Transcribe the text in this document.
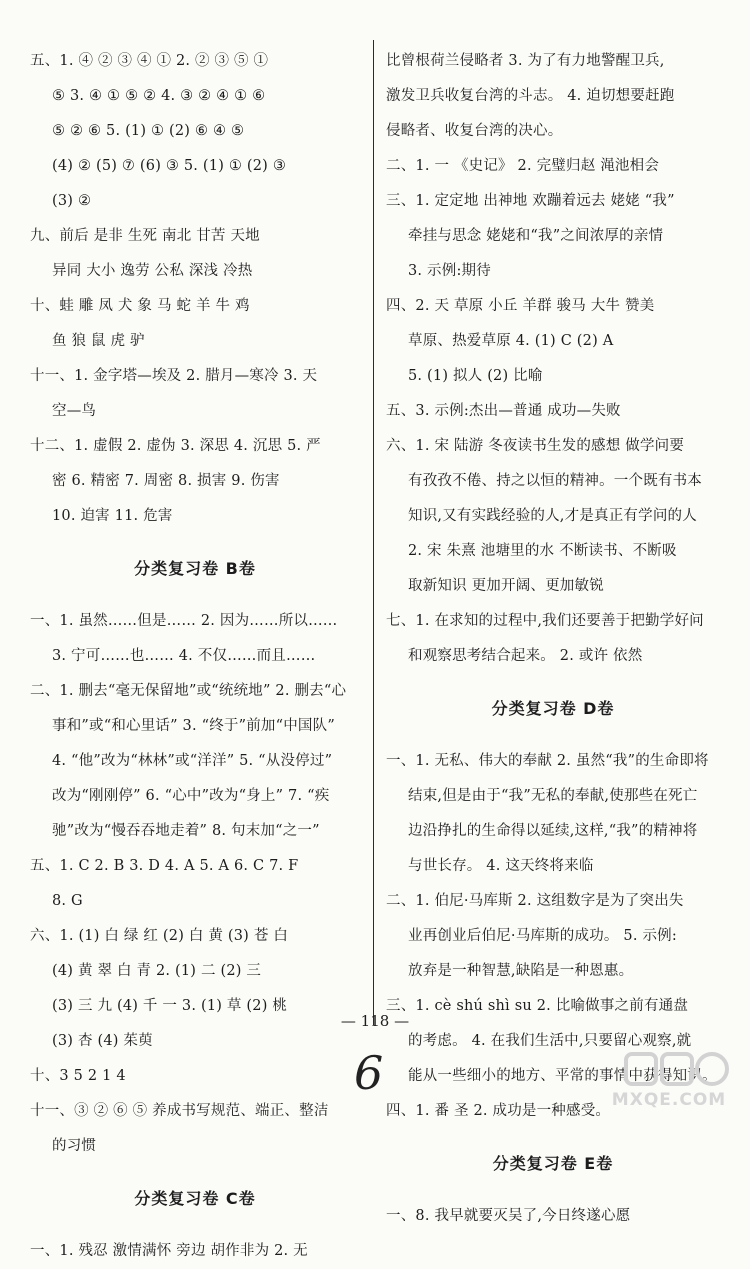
五、1. ④ ② ③ ④ ① 2. ② ③ ⑤ ①
⑤ 3. ④ ① ⑤ ② 4. ③ ② ④ ① ⑥
⑤ ② ⑥ 5. (1) ① (2) ⑥ ④ ⑤
(4) ② (5) ⑦ (6) ③ 5. (1) ① (2) ③
(3) ②
九、前后 是非 生死 南北 甘苦 天地
异同 大小 逸劳 公私 深浅 冷热
十、蛙 雕 凤 犬 象 马 蛇 羊 牛 鸡
鱼 狼 鼠 虎 驴
十一、1. 金字塔—埃及 2. 腊月—寒冷 3. 天
空—鸟
十二、1. 虚假 2. 虚伪 3. 深思 4. 沉思 5. 严
密 6. 精密 7. 周密 8. 损害 9. 伤害
10. 迫害 11. 危害
分类复习卷 B卷
一、1. 虽然……但是…… 2. 因为……所以……
3. 宁可……也…… 4. 不仅……而且……
二、1. 删去“毫无保留地”或“统统地” 2. 删去“心
事和”或“和心里话” 3. “终于”前加“中国队”
4. “他”改为“林林”或“洋洋” 5. “从没停过”
改为“刚刚停” 6. “心中”改为“身上” 7. “疾
驰”改为“慢吞吞地走着” 8. 句末加“之一”
五、1. C 2. B 3. D 4. A 5. A 6. C 7. F
8. G
六、1. (1) 白 绿 红 (2) 白 黄 (3) 苍 白
(4) 黄 翠 白 青 2. (1) 二 (2) 三
(3) 三 九 (4) 千 一 3. (1) 草 (2) 桃
(3) 杏 (4) 茱萸
十、3 5 2 1 4
十一、③ ② ⑥ ⑤ 养成书写规范、端正、整洁
的习惯
分类复习卷 C卷
一、1. 残忍 激情满怀 旁边 胡作非为 2. 无
比曾根荷兰侵略者 3. 为了有力地警醒卫兵,
激发卫兵收复台湾的斗志。 4. 迫切想要赶跑
侵略者、收复台湾的决心。
二、1. 一 《史记》 2. 完璧归赵 渑池相会
三、1. 定定地 出神地 欢蹦着远去 姥姥 “我”
牵挂与思念 姥姥和“我”之间浓厚的亲情
3. 示例:期待
四、2. 天 草原 小丘 羊群 骏马 大牛 赞美
草原、热爱草原 4. (1) C (2) A
5. (1) 拟人 (2) 比喻
五、3. 示例:杰出—普通 成功—失败
六、1. 宋 陆游 冬夜读书生发的感想 做学问要
有孜孜不倦、持之以恒的精神。一个既有书本
知识,又有实践经验的人,才是真正有学问的人
2. 宋 朱熹 池塘里的水 不断读书、不断吸
取新知识 更加开阔、更加敏锐
七、1. 在求知的过程中,我们还要善于把勤学好问
和观察思考结合起来。 2. 或许 依然
分类复习卷 D卷
一、1. 无私、伟大的奉献 2. 虽然“我”的生命即将
结束,但是由于“我”无私的奉献,使那些在死亡
边沿挣扎的生命得以延续,这样,“我”的精神将
与世长存。 4. 这天终将来临
二、1. 伯尼·马库斯 2. 这组数字是为了突出失
业再创业后伯尼·马库斯的成功。 5. 示例:
放弃是一种智慧,缺陷是一种恩惠。
三、1. cè shú shì su 2. 比喻做事之前有通盘
的考虑。 4. 在我们生活中,只要留心观察,就
能从一些细小的地方、平常的事情中获得知识。
四、1. 番 圣 2. 成功是一种感受。
分类复习卷 E卷
一、8. 我早就要灭吴了,今日终遂心愿
— 118 —
6	MXQE.COM
